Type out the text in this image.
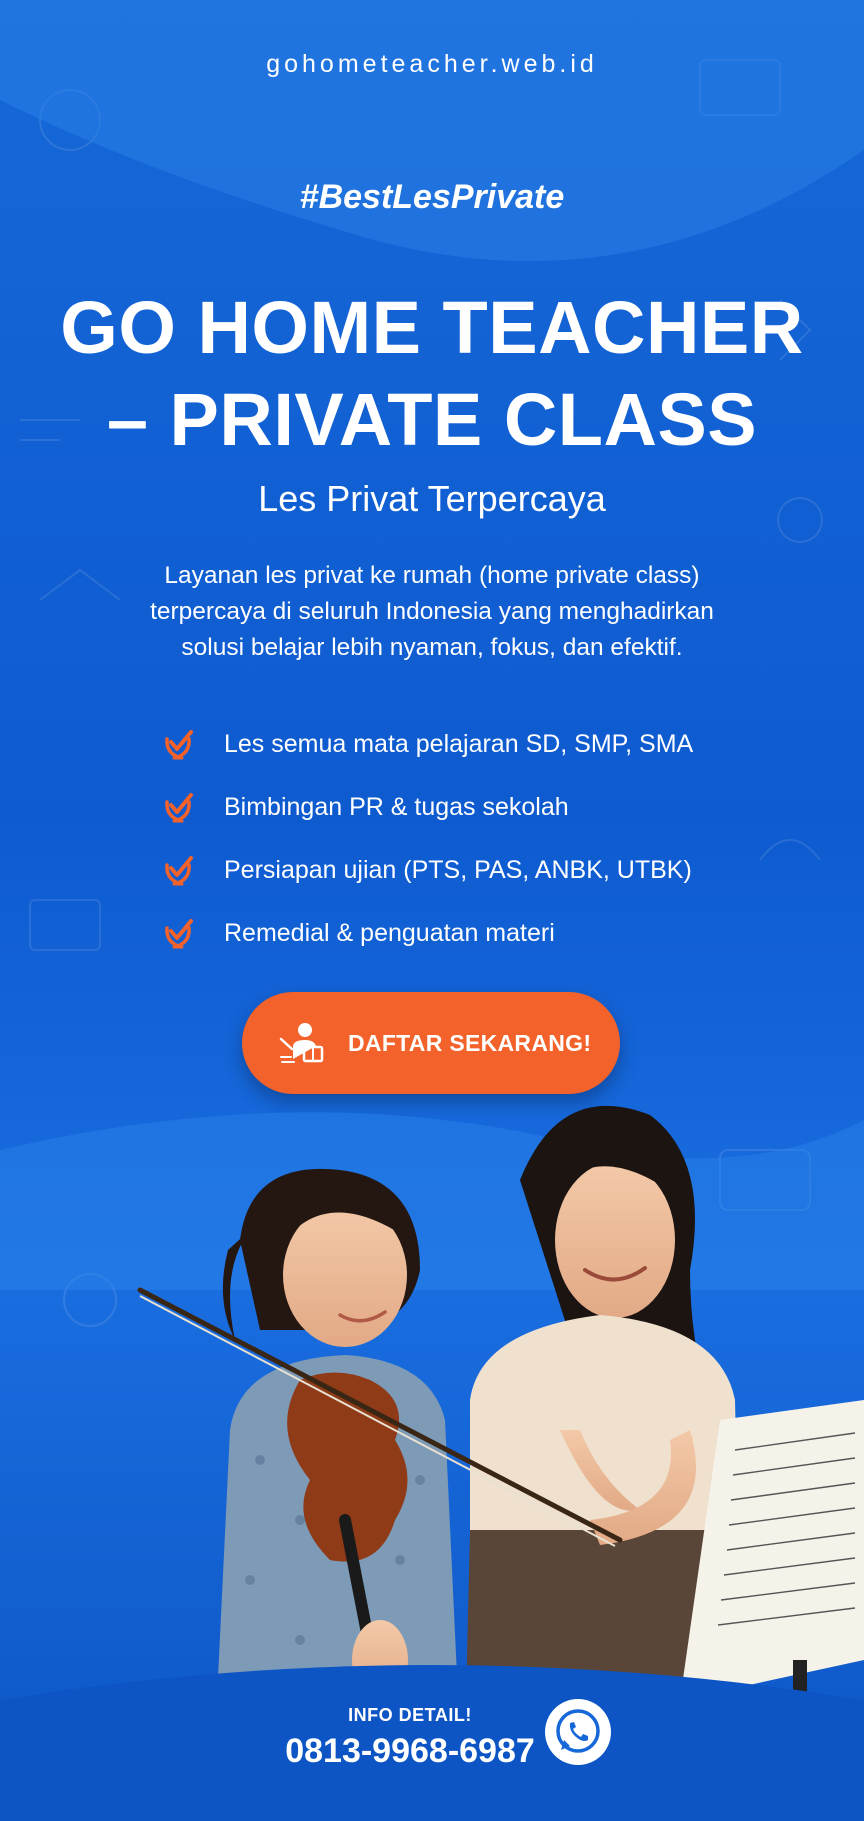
gohometeacher.web.id
#BestLesPrivate
GO HOME TEACHER
– PRIVATE CLASS
Les Privat Terpercaya
Layanan les privat ke rumah (home private class)
terpercaya di seluruh Indonesia yang menghadirkan
solusi belajar lebih nyaman, fokus, dan efektif.
Les semua mata pelajaran SD, SMP, SMA
Bimbingan PR & tugas sekolah
Persiapan ujian (PTS, PAS, ANBK, UTBK)
Remedial & penguatan materi
DAFTAR SEKARANG!
INFO DETAIL!
0813-9968-6987
